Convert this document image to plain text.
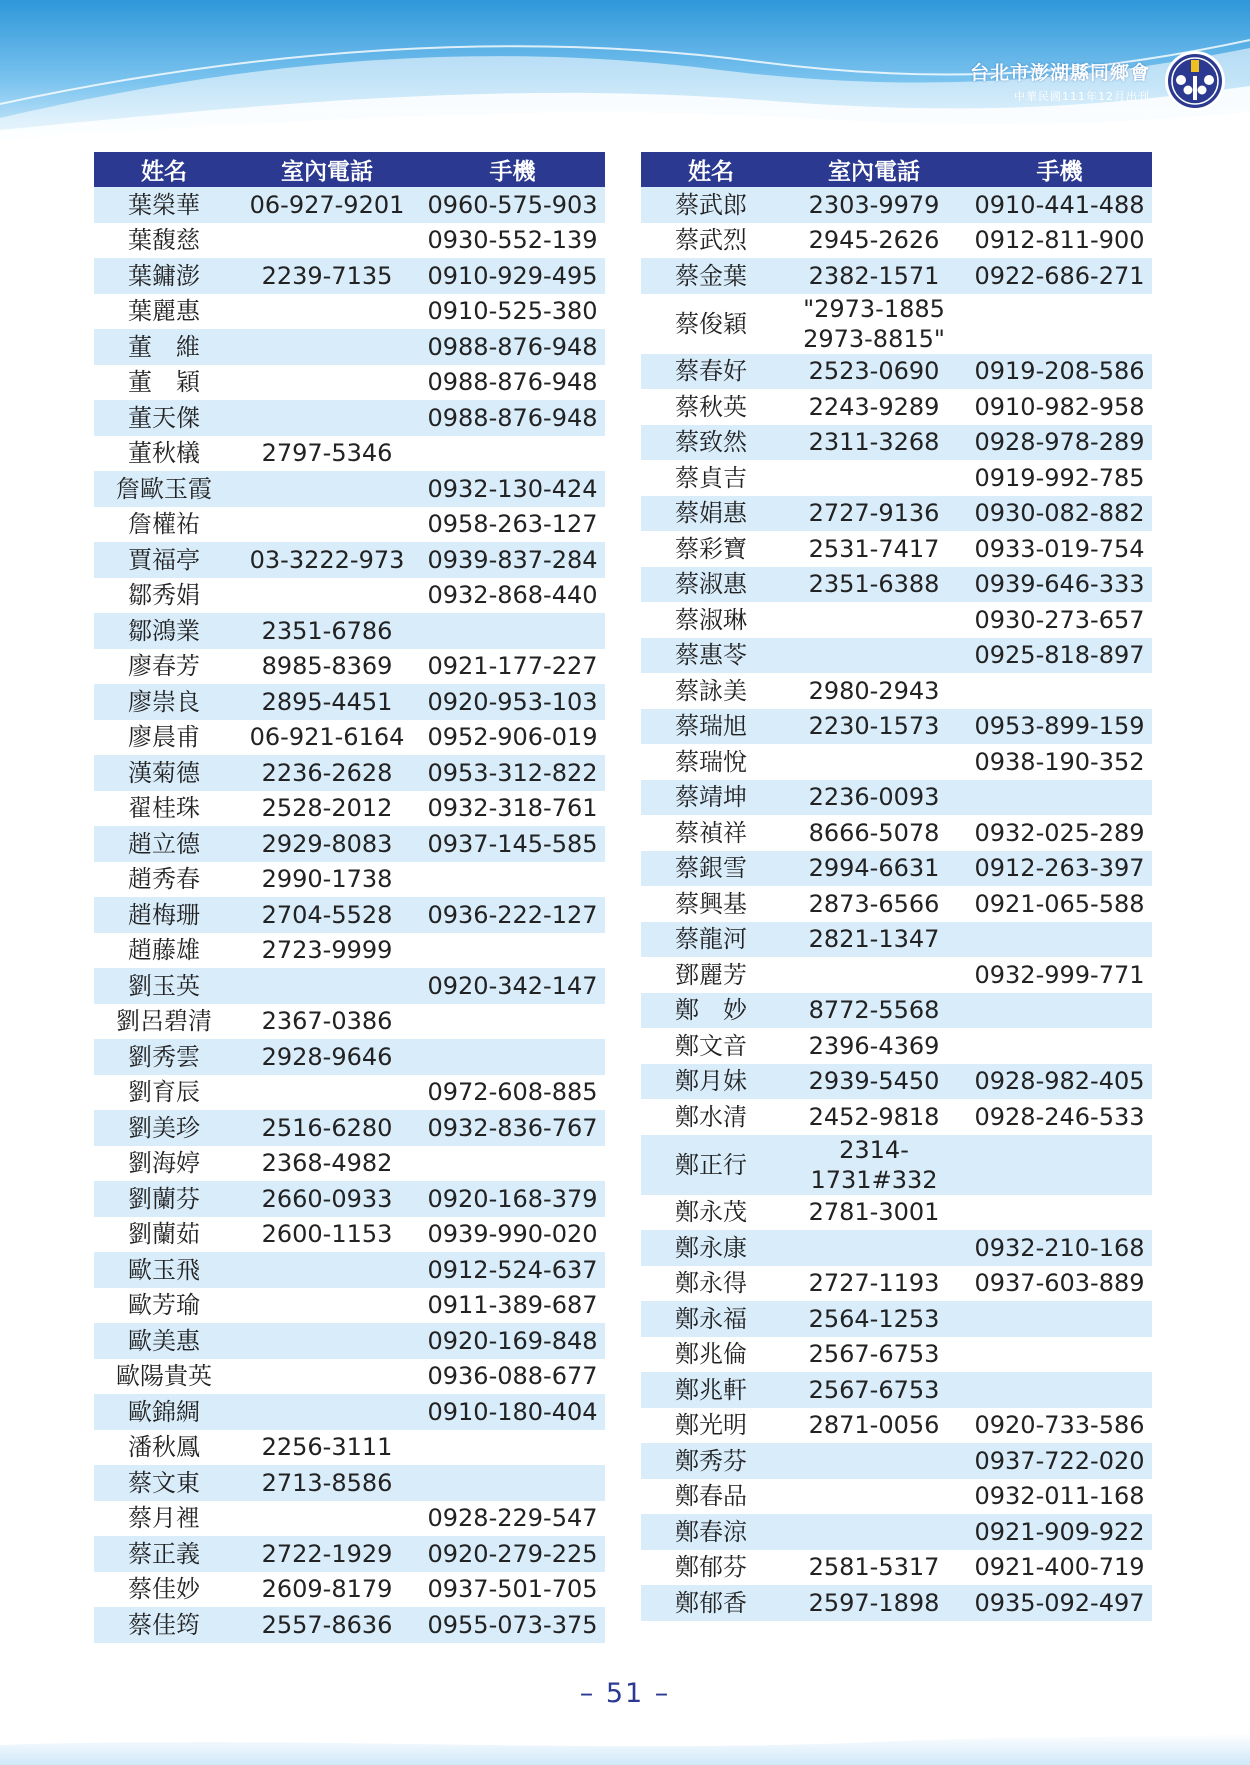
台北市澎湖縣同鄉會
中華民國111年12月出刊
姓名	室內電話	手機
葉榮華	06-927-9201	0960-575-903
葉馥慈		0930-552-139
葉鏞澎	2239-7135	0910-929-495
葉麗惠		0910-525-380
董　維		0988-876-948
董　穎		0988-876-948
董天傑		0988-876-948
董秋檥	2797-5346	
詹歐玉霞		0932-130-424
詹權祐		0958-263-127
賈福亭	03-3222-973	0939-837-284
鄒秀娟		0932-868-440
鄒鴻業	2351-6786	
廖春芳	8985-8369	0921-177-227
廖崇良	2895-4451	0920-953-103
廖晨甫	06-921-6164	0952-906-019
漢菊德	2236-2628	0953-312-822
翟桂珠	2528-2012	0932-318-761
趙立德	2929-8083	0937-145-585
趙秀春	2990-1738	
趙梅珊	2704-5528	0936-222-127
趙藤雄	2723-9999	
劉玉英		0920-342-147
劉呂碧清	2367-0386	
劉秀雲	2928-9646	
劉育辰		0972-608-885
劉美珍	2516-6280	0932-836-767
劉海婷	2368-4982	
劉蘭芬	2660-0933	0920-168-379
劉蘭茹	2600-1153	0939-990-020
歐玉飛		0912-524-637
歐芳瑜		0911-389-687
歐美惠		0920-169-848
歐陽貴英		0936-088-677
歐錦綢		0910-180-404
潘秋鳳	2256-3111	
蔡文東	2713-8586	
蔡月裡		0928-229-547
蔡正義	2722-1929	0920-279-225
蔡佳妙	2609-8179	0937-501-705
蔡佳筠	2557-8636	0955-073-375
姓名	室內電話	手機
蔡武郎	2303-9979	0910-441-488
蔡武烈	2945-2626	0912-811-900
蔡金葉	2382-1571	0922-686-271
蔡俊穎	"2973-1885
2973-8815"	
蔡春好	2523-0690	0919-208-586
蔡秋英	2243-9289	0910-982-958
蔡致然	2311-3268	0928-978-289
蔡貞吉		0919-992-785
蔡娟惠	2727-9136	0930-082-882
蔡彩寶	2531-7417	0933-019-754
蔡淑惠	2351-6388	0939-646-333
蔡淑琳		0930-273-657
蔡惠苓		0925-818-897
蔡詠美	2980-2943	
蔡瑞旭	2230-1573	0953-899-159
蔡瑞悅		0938-190-352
蔡靖坤	2236-0093	
蔡禎祥	8666-5078	0932-025-289
蔡銀雪	2994-6631	0912-263-397
蔡興基	2873-6566	0921-065-588
蔡龍河	2821-1347	
鄧麗芳		0932-999-771
鄭　妙	8772-5568	
鄭文音	2396-4369	
鄭月妹	2939-5450	0928-982-405
鄭水清	2452-9818	0928-246-533
鄭正行	2314-
1731#332	
鄭永茂	2781-3001	
鄭永康		0932-210-168
鄭永得	2727-1193	0937-603-889
鄭永福	2564-1253	
鄭兆倫	2567-6753	
鄭兆軒	2567-6753	
鄭光明	2871-0056	0920-733-586
鄭秀芬		0937-722-020
鄭春品		0932-011-168
鄭春涼		0921-909-922
鄭郁芬	2581-5317	0921-400-719
鄭郁香	2597-1898	0935-092-497
– 51 –
